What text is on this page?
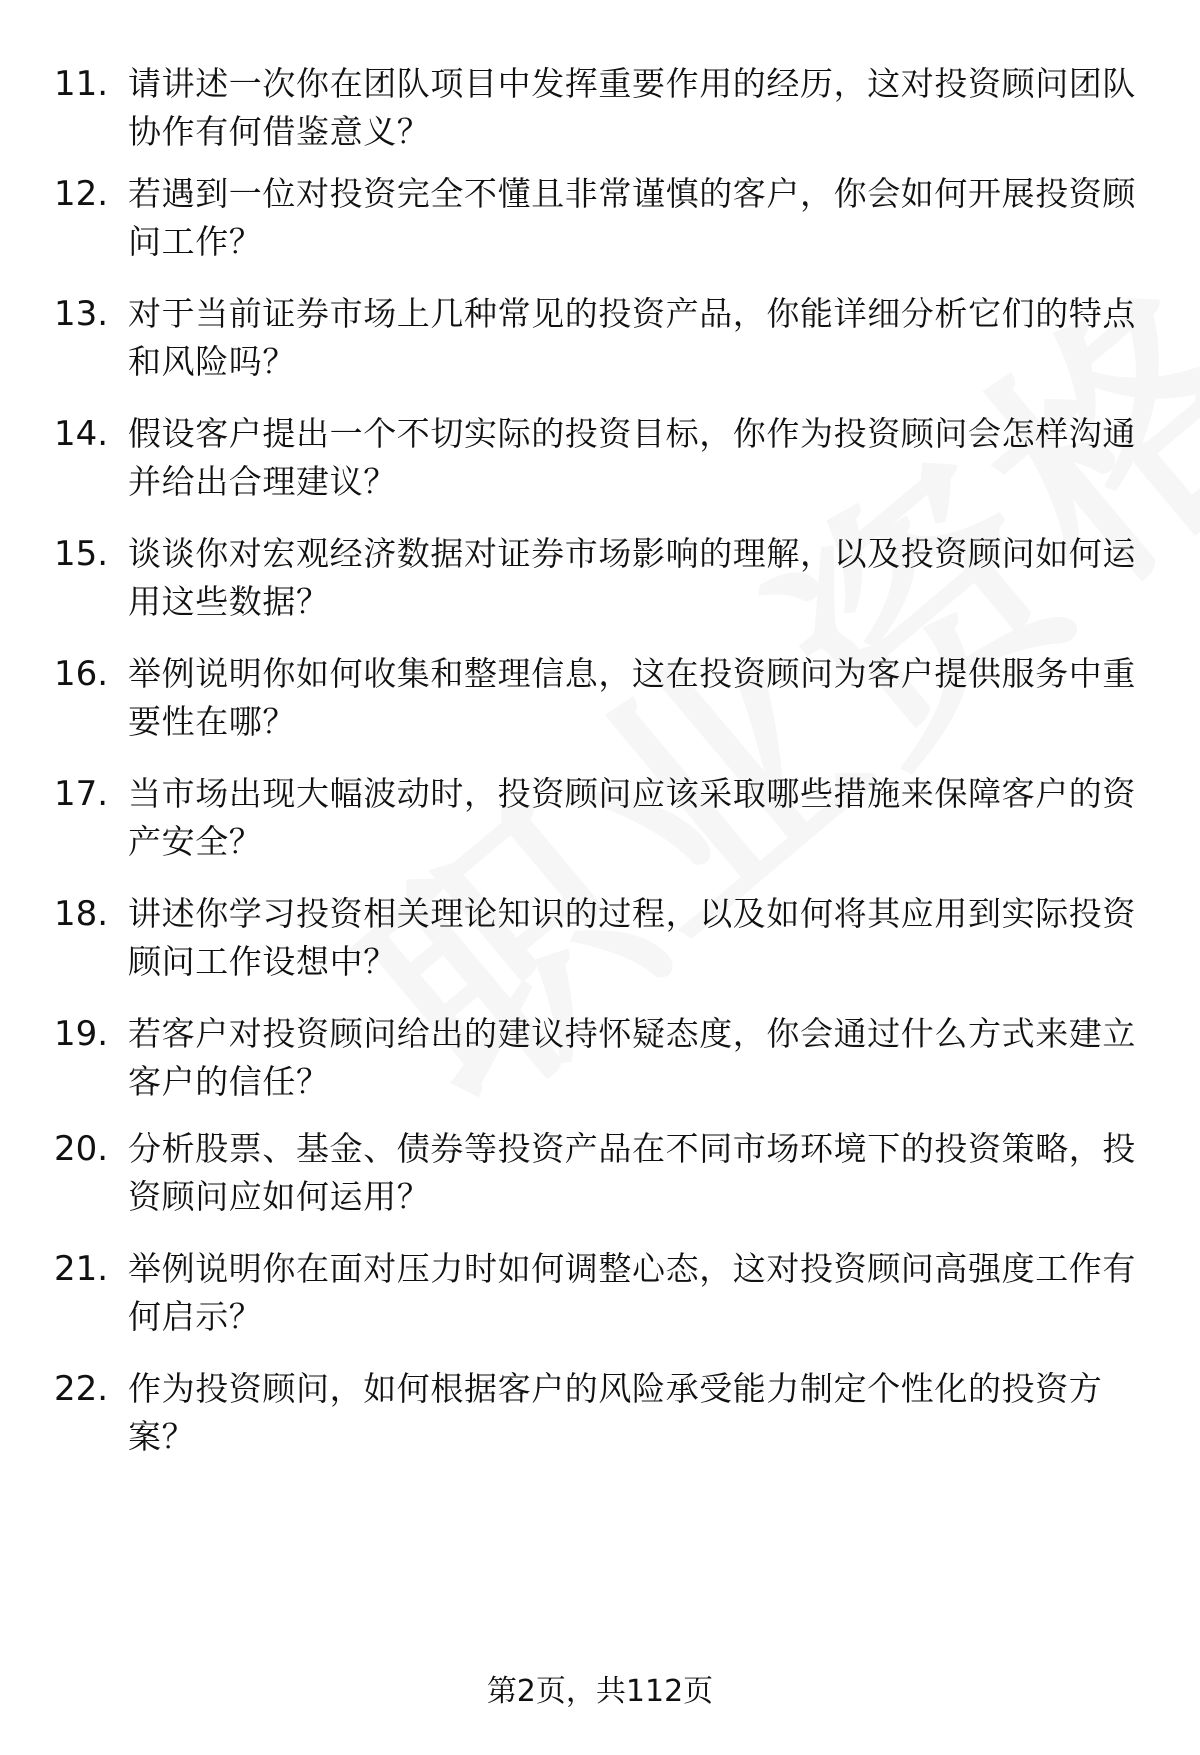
11. 请讲述一次你在团队项目中发挥重要作用的经历，这对投资顾问团队协作有何借鉴意义？
12. 若遇到一位对投资完全不懂且非常谨慎的客户，你会如何开展投资顾问工作？
13. 对于当前证券市场上几种常见的投资产品，你能详细分析它们的特点和风险吗？
14. 假设客户提出一个不切实际的投资目标，你作为投资顾问会怎样沟通并给出合理建议？
15. 谈谈你对宏观经济数据对证券市场影响的理解，以及投资顾问如何运用这些数据？
16. 举例说明你如何收集和整理信息，这在投资顾问为客户提供服务中重要性在哪？
17. 当市场出现大幅波动时，投资顾问应该采取哪些措施来保障客户的资产安全？
18. 讲述你学习投资相关理论知识的过程，以及如何将其应用到实际投资顾问工作设想中？
19. 若客户对投资顾问给出的建议持怀疑态度，你会通过什么方式来建立客户的信任？
20. 分析股票、基金、债券等投资产品在不同市场环境下的投资策略，投资顾问应如何运用？
21. 举例说明你在面对压力时如何调整心态，这对投资顾问高强度工作有何启示？
22. 作为投资顾问，如何根据客户的风险承受能力制定个性化的投资方案？
第2页，共112页
